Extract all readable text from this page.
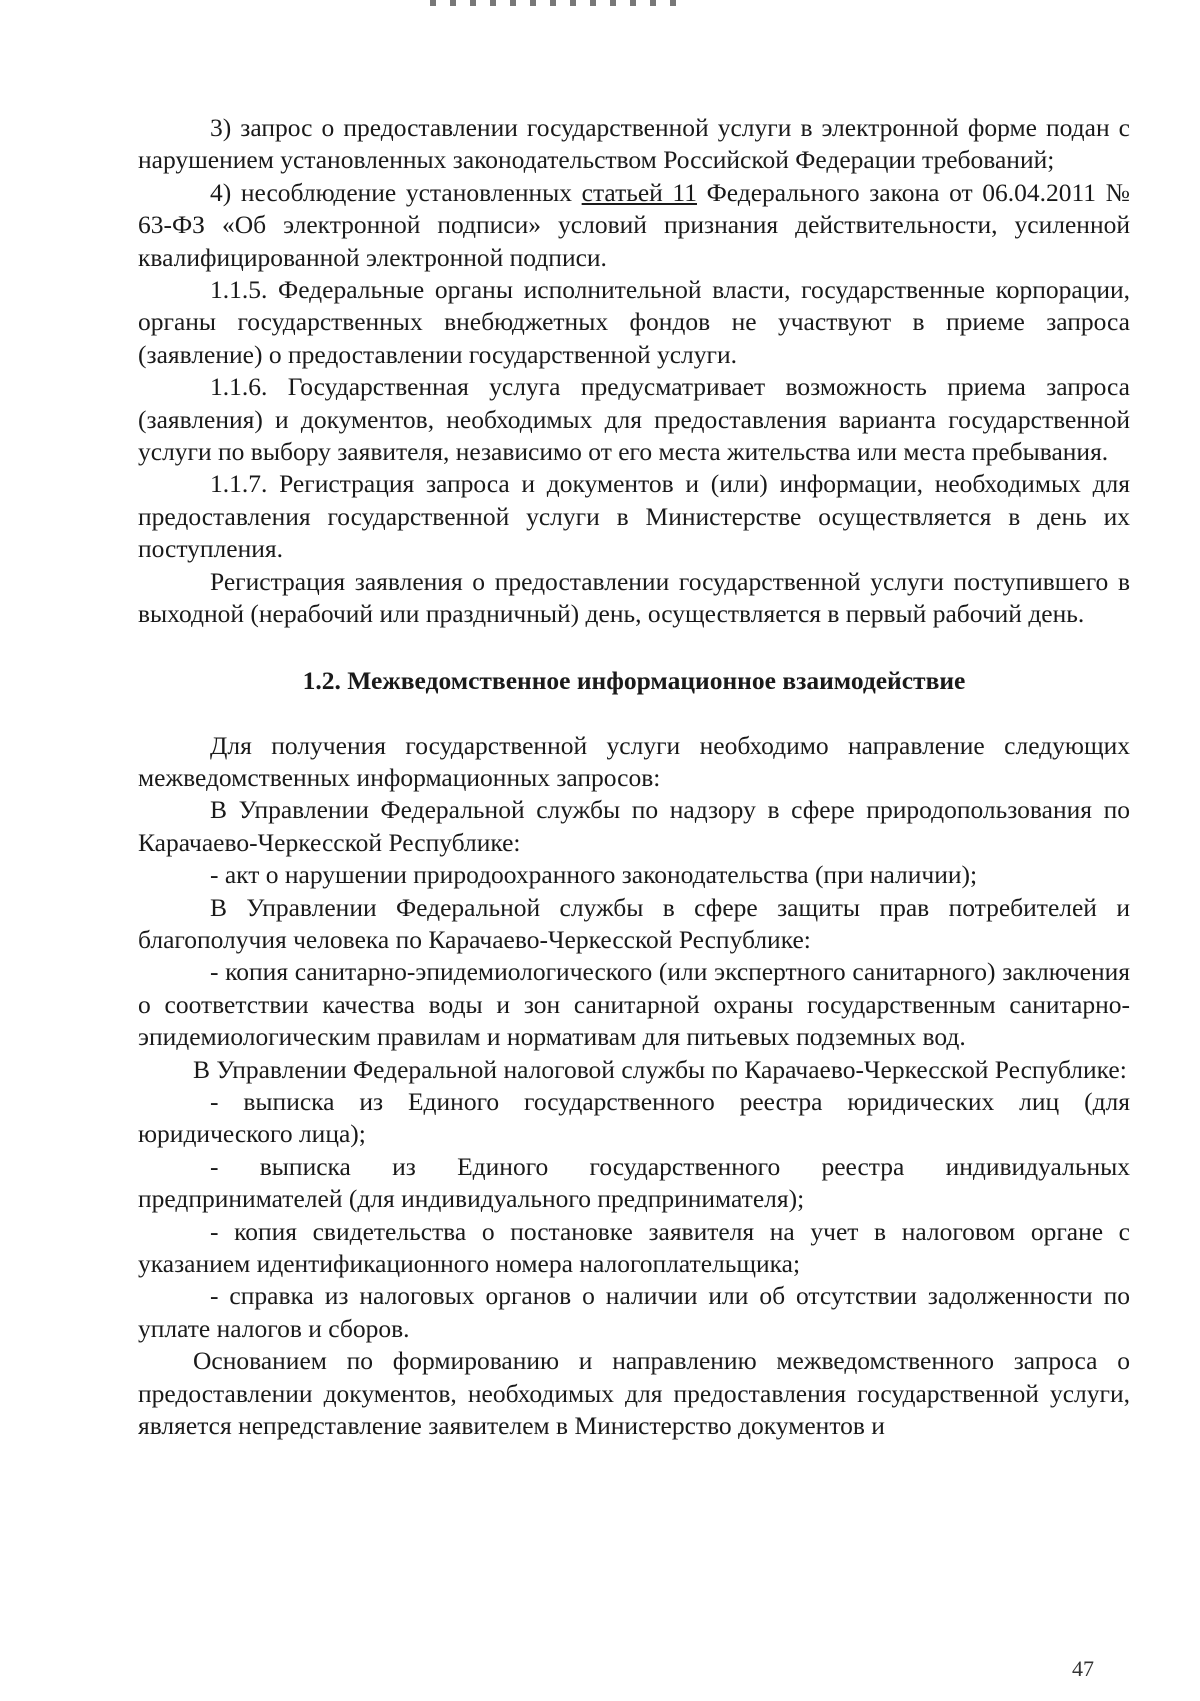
3) запрос о предоставлении государственной услуги в электронной форме подан с нарушением установленных законодательством Российской Федерации требований;

4) несоблюдение установленных статьей 11 Федерального закона от 06.04.2011 № 63-ФЗ «Об электронной подписи» условий признания действительности, усиленной квалифицированной электронной подписи.

1.1.5. Федеральные органы исполнительной власти, государственные корпорации, органы государственных внебюджетных фондов не участвуют в приеме запроса (заявление) о предоставлении государственной услуги.

1.1.6. Государственная услуга предусматривает возможность приема запроса (заявления) и документов, необходимых для предоставления варианта государственной услуги по выбору заявителя, независимо от его места жительства или места пребывания.

1.1.7. Регистрация запроса и документов и (или) информации, необходимых для предоставления государственной услуги в Министерстве осуществляется в день их поступления.

Регистрация заявления о предоставлении государственной услуги поступившего в выходной (нерабочий или праздничный) день, осуществляется в первый рабочий день.

1.2. Межведомственное информационное взаимодействие

Для получения государственной услуги необходимо направление следующих межведомственных информационных запросов:

В Управлении Федеральной службы по надзору в сфере природопользования по Карачаево-Черкесской Республике:

- акт о нарушении природоохранного законодательства (при наличии);

В Управлении Федеральной службы в сфере защиты прав потребителей и благополучия человека по Карачаево-Черкесской Республике:

- копия санитарно-эпидемиологического (или экспертного санитарного) заключения о соответствии качества воды и зон санитарной охраны государственным санитарно-эпидемиологическим правилам и нормативам для питьевых подземных вод.

В Управлении Федеральной налоговой службы по Карачаево-Черкесской Республике:

- выписка из Единого государственного реестра юридических лиц (для юридического лица);

- выписка из Единого государственного реестра индивидуальных предпринимателей (для индивидуального предпринимателя);

- копия свидетельства о постановке заявителя на учет в налоговом органе с указанием идентификационного номера налогоплательщика;

- справка из налоговых органов о наличии или об отсутствии задолженности по уплате налогов и сборов.

Основанием по формированию и направлению межведомственного запроса о предоставлении документов, необходимых для предоставления государственной услуги, является непредставление заявителем в Министерство документов и

47
